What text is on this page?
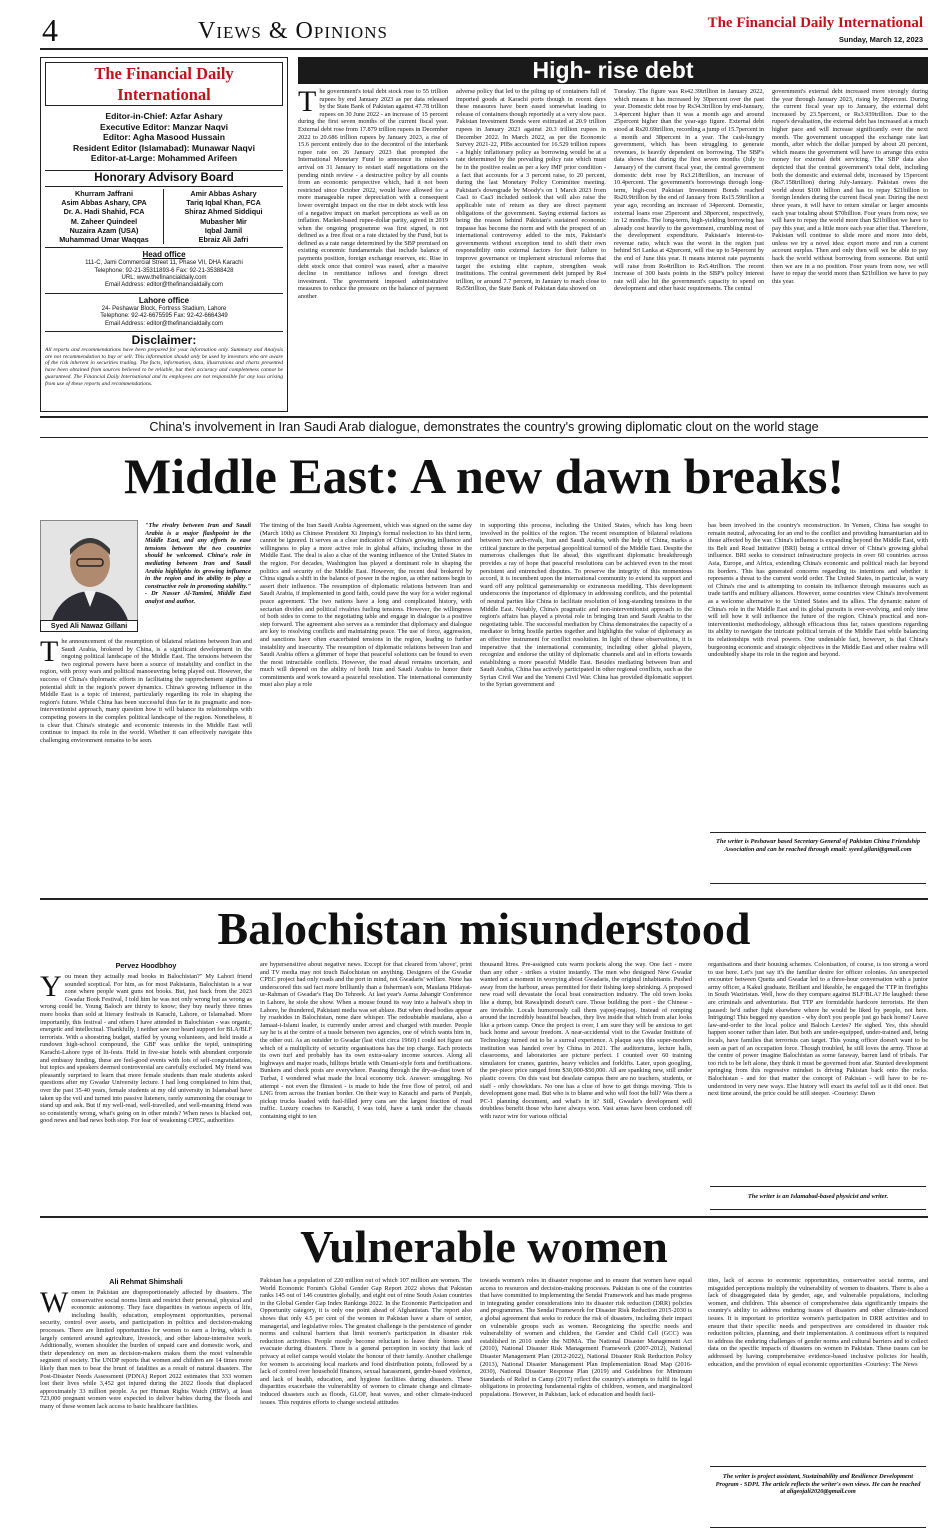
4	Views & Opinions	The Financial Daily International
Sunday, March 12, 2023
The Financial Daily International
Editor-in-Chief: Azfar Ashary
Executive Editor: Manzar Naqvi
Editor: Agha Masood Hussain
Resident Editor (Islamabad): Munawar Naqvi
Editor-at-Large: Mohammed Arifeen
Honorary Advisory Board
Khurram Jaffrani
Asim Abbas Ashary, CPA
Dr. A. Hadi Shahid, FCA
M. Zaheer Quindeel
Nuzaira Azam (USA)
Muhammad Umar Waqqas
Amir Abbas Ashary
Tariq Iqbal Khan, FCA
Shiraz Ahmed Siddiqui
Mubasher Mir
Iqbal Jamil
Ebraiz Ali Jafri
Head office
111-C, Jami Commercial Street 11, Phase VII, DHA Karachi
Telephone: 92-21-35311893-6 Fax: 92-21-35388428
URL: www.thefinancialdaily.com
Email Address: editor@thefinancialdaily.com
Lahore office
24- Peshawar Block, Fortress Stadium, Lahore
Telephone: 92-42-6675595 Fax: 92-42-6664349
Email Address: editor@thefinancialdaily.com
Disclaimer:
All reports and recommendations have been prepared for your information only. Summary and Analysis are not recommendation to buy or sell. This information should only be used by investors who are aware of the risk inherent in securities trading. The facts, information, data, illustrations and charts presented have been obtained from sources believed to be reliable, but their accuracy and completeness cannot be guaranteed. The Financial Daily International and its employees are not responsible for any loss arising from use of these reports and recommendations.
High- rise debt

The government's total debt stock rose to 55 trillion rupees by end January 2023 as per data released by the State Bank of Pakistan against 47.78 trillion rupees on 30 June 2022 - an increase of 15 percent during the first seven months of the current fiscal year. External debt rose from 17.879 trillion rupees in December 2022 to 20.686 trillion rupees by January 2023, a rise of 15.6 percent entirely due to the decontrol of the interbank rupee rate on 26 January 2023 that prompted the International Monetary Fund to announce its mission's arrival on 31 January to restart staff negotiations on the pending ninth review - a destructive policy by all counts from an economic perspective which, had it not been restricted since October 2022, would have allowed for a more manageable rupee depreciation with a consequent lower overnight impact on the rise in debt stock with less of a negative impact on market perceptions as well as on inflation. Market-based rupee-dollar parity, agreed in 2019 when the ongoing programme was first signed, is not defined as a free float or a rate dictated by the Fund, but is defined as a rate range determined by the SBP premised on existing economic fundamentals that include balance of payments position, foreign exchange reserves, etc. Rise in debt stock once that control was eased, after a massive decline in remittance inflows and foreign direct investment. The government imposed administrative measures to reduce the pressure on the balance of payment another

adverse policy that led to the piling up of containers full of imported goods at Karachi ports though in recent days these measures have been eased somewhat leading to release of containers though reportedly at a very slow pace. Pakistan Investment Bonds were estimated at 20.9 trillion rupees in January 2023 against 20.3 trillion rupees in December 2022. In March 2022, as per the Economic Survey 2021-22, PIBs accounted for 16.529 trillion rupees - a highly inflationary policy as borrowing would be at a rate determined by the prevailing policy rate which must be in the positive realm as per a key IMF prior condition - a fact that accounts for a 3 percent raise, to 20 percent, during the last Monetary Policy Committee meeting. Pakistan's downgrade by Moody's on 1 March 2023 from Caa1 to Caa3 included outlook that will also raise the applicable rate of return as they are direct payment obligations of the government. Saying external factors as being the reason behind Pakistan's sustained economic impasse has become the norm and with the prospect of an international controversy added to the mix, Pakistan's governments without exception tend to shift their own responsibility onto external factors for their failure to improve governance or implement structural reforms that target the existing elite capture, strengthen weak institutions. The central government debt jumped by Rs4 trillion, or around 7.7 percent, in January to reach close to Rs55trillion, the State Bank of Pakistan data showed on

Tuesday. The figure was Rs42.39trillion in January 2022, which means it has increased by 30percent over the past year. Domestic debt rose by Rs34.3trillion by end-January, 3.4percent higher than it was a month ago and around 25percent higher than the year-ago figure. External debt stood at Rs20.69trillion, recording a jump of 15.7percent in a month and 38percent in a year. The cash-hungry government, which has been struggling to generate revenues, is heavily dependent on borrowing. The SBP's data shows that during the first seven months (July to January) of the current fiscal year, the central government domestic debt rose by Rs3.218trillion, an increase of 10.4percent. The government's borrowings through long-term, high-cost Pakistan Investment Bonds reached Rs20.9trillion by the end of January from Rs15.59trillion a year ago, recording an increase of 34percent. Domestic, external loans rose 25percent and 38percent, respectively, in 12 months. The long-term, high-yielding borrowing has already cost heavily to the government, crumbling most of the development expenditure. Pakistan's interest-to-revenue ratio, which was the worst in the region just behind Sri Lanka at 42percent, will rise up to 54percent by the end of June this year. It means interest rate payments will raise from Rs4trillion to Rs5.4trillion. The recent increase of 300 basis points in the SBP's policy interest rate will also hit the government's capacity to spend on development and other basic requirements. The central

government's external debt increased more strongly during the year through January 2023, rising by 38percent. During the current fiscal year up to January, the external debt increased by 23.5percent, or Rs3.939trillion. Due to the rupee's devaluation, the external debt has increased at a much higher pace and will increase significantly over the next month. The government uncapped the exchange rate last month, after which the dollar jumped by about 20 percent, which means the government will have to arrange this extra money for external debt servicing. The SBP data also depicted that the central government's total debt, including both the domestic and external debt, increased by 15percent (Rs7.158trillion) during July-January. Pakistan owes the world about $100 billion and has to repay $21billion to foreign lenders during the current fiscal year. During the next three years, it will have to return similar or larger amounts each year totaling about $70billion. Four years from now, we will have to repay the world more than $21billion we have to pay this year, and a little more each year after that. Therefore, Pakistan will continue to slide more and more into debt, unless we try a novel idea: export more and run a current account surplus. Then and only then will we be able to pay back the world without borrowing from someone. But until then we are in a no position. Four years from now, we will have to repay the world more than $21billion we have to pay this year.

China's involvement in Iran Saudi Arab dialogue, demonstrates the country's growing diplomatic clout on the world stage
Middle East: A new dawn breaks!
Syed Ali Nawaz Gillani

"The rivalry between Iran and Saudi Arabia is a major flashpoint in the Middle East, and any efforts to ease tensions between the two countries should be welcomed. China's role in mediating between Iran and Saudi Arabia highlights its growing influence in the region and its ability to play a constructive role in promoting stability." - Dr Nasser Al-Tamimi, Middle East analyst and author.

The announcement of the resumption of bilateral relations between Iran and Saudi Arabia, brokered by China, is a significant development in the ongoing political landscape of the Middle East. The tensions between the two regional powers have been a source of instability and conflict in the region, with proxy wars and political manoeuvring being played out. However, the success of China's diplomatic efforts in facilitating the rapprochement signifies a potential shift in the region's power dynamics. China's growing influence in the Middle East is a topic of interest, particularly regarding its role in shaping the region's future. While China has been successful thus far in its pragmatic and non-interventionist approach, many question how it will balance its relationships with competing powers in the complex political landscape of the region. Nonetheless, it is clear that China's strategic and economic interests in the Middle East will continue to impact its role in the world. Whether it can effectively navigate this challenging environment remains to be seen.

The timing of the Iran Saudi Arabia Agreement, which was signed on the same day (March 10th) as Chinese President Xi Jinping's formal reelection to his third term, cannot be ignored. It serves as a clear indication of China's growing influence and willingness to play a more active role in global affairs, including those in the Middle East. The deal is also a clue of the waning influence of the United States in the region. For decades, Washington has played a dominant role in shaping the politics and security of the Middle East. However, the recent deal brokered by China signals a shift in the balance of power in the region, as other nations begin to assert their influence. The resumption of diplomatic relations between Iran and Saudi Arabia, if implemented in good faith, could pave the way for a wider regional peace agreement. The two nations have a long and complicated history, with sectarian divides and political rivalries fueling tensions. However, the willingness of both sides to come to the negotiating table and engage in dialogue is a positive step forward. The agreement also serves as a reminder that diplomacy and dialogue are key to resolving conflicts and maintaining peace. The use of force, aggression, and sanctions have often exacerbated tensions in the region, leading to further instability and insecurity. The resumption of diplomatic relations between Iran and Saudi Arabia offers a glimmer of hope that peaceful solutions can be found to even the most intractable conflicts. However, the road ahead remains uncertain, and much will depend on the ability of both Iran and Saudi Arabia to honor their commitments and work toward a peaceful resolution. The international community must also play a role

in supporting this process, including the United States, which has long been involved in the politics of the region. The recent resumption of bilateral relations between two arch-rivals, Iran and Saudi Arabia, with the help of China, marks a critical juncture in the perpetual geopolitical turmoil of the Middle East. Despite the numerous challenges that lie ahead, this significant diplomatic breakthrough provides a ray of hope that peaceful resolutions can be achieved even in the most persistent and entrenched disputes. To preserve the integrity of this momentous accord, it is incumbent upon the international community to extend its support and ward off any political gamesmanship or extraneous meddling. This development underscores the importance of diplomacy in addressing conflicts, and the potential of neutral parties like China to facilitate resolution of long-standing tensions in the Middle East. Notably, China's pragmatic and non-interventionist approach to the region's affairs has played a pivotal role in bringing Iran and Saudi Arabia to the negotiating table. The successful mediation by China demonstrates the capacity of a mediator to bring hostile parties together and highlights the value of diplomacy as an effective instrument for conflict resolution. In light of these observations, it is imperative that the international community, including other global players, recognize and endorse the utility of diplomatic channels and aid in efforts towards establishing a more peaceful Middle East. Besides mediating between Iran and Saudi Arabia, China has actively participated in other regional conflicts, such as the Syrian Civil War and the Yemeni Civil War. China has provided diplomatic support to the Syrian government and

has been involved in the country's reconstruction. In Yemen, China has sought to remain neutral, advocating for an end to the conflict and providing humanitarian aid to those affected by the war. China's influence is expanding beyond the Middle East, with its Belt and Road Initiative (BRI) being a critical driver of China's growing global influence. BRI seeks to construct infrastructure projects in over 60 countries across Asia, Europe, and Africa, extending China's economic and political reach far beyond its borders. This has generated concerns regarding its intentions and whether it represents a threat to the current world order. The United States, in particular, is wary of China's rise and is attempting to contain its influence through measures such as trade tariffs and military alliances. However, some countries view China's involvement as a welcome alternative to the United States and its allies. The dynamic nature of China's role in the Middle East and its global pursuits is ever-evolving, and only time will tell how it will influence the future of the region. China's practical and non-interventionist methodology, although efficacious thus far, raises questions regarding its ability to navigate the intricate political terrain of the Middle East while balancing its relationships with rival powers. One undeniable fact, however, is that China's burgeoning economic and strategic objectives in the Middle East and other realms will undoubtedly shape its role in the region and beyond.

The writer is Peshawar based Secretary General of Pakistan China Friendship Association and can be reached through email: syeed.gilani@gmail.com

Balochistan misunderstood
Pervez Hoodbhoy

You mean they actually read books in Balochistan?" My Lahori friend sounded sceptical. For him, as for most Pakistanis, Balochistan is a war zone where people want guns not books. But, just back from the 2023 Gwadar Book Festival, I told him he was not only wrong but as wrong as wrong could be. Young Baloch are thirsty to know; they buy nearly three times more books than sold at literary festivals in Karachi, Lahore, or Islamabad. More importantly, this festival - and others I have attended in Balochistan - was organic, energetic and intellectual. Thankfully, I neither saw nor heard support for BLA/BLF terrorists. With a shoestring budget, staffed by young volunteers, and held inside a rundown high-school compound, the GBF was unlike the tepid, uninspiring Karachi-Lahore type of lit-fests. Held in five-star hotels with abundant corporate and embassy funding, these are feel-good events with lots of self-congratulations, but topics and speakers deemed controversial are carefully excluded. My friend was pleasantly surprised to learn that more female students than male students asked questions after my Gwadar University lecture. I had long complained to him that, over the past 35-40 years, female students at my old university in Islamabad have taken up the veil and turned into passive listeners, rarely summoning the courage to stand up and ask. But if my well-read, well-travelled, and well-meaning friend was so consistently wrong, what's going on in other minds? When news is blacked out, good news and bad news both stop. For fear of weakening CPEC, authorities

are hypersensitive about negative news. Except for that cleared from 'above', print and TV media may not touch Balochistan on anything. Designers of the Gwadar CPEC project had only roads and the port in mind, not Gwadaris' welfare. None has underscored this sad fact more brilliantly than a fisherman's son, Maulana Hidayat-ur-Rahman of Gwadar's Haq Do Tehreek. At last year's Asma Jahangir Conference in Lahore, he stole the show. When a mouse found its way into a halwai's shop in Lahore, he thundered, Pakistani media was set ablaze. But when dead bodies appear by roadsides in Balochistan, none dare whisper. The redoubtable maulana, also a Jamaat-i-Islami leader, is currently under arrest and charged with murder. People say he is at the centre of a tussle between two agencies, one of which wants him in, the other out. As an outsider to Gwadar (last visit circa 1960) I could not figure out which of a multiplicity of security organisations has the top charge. Each protects its own turf and probably has its own extra-salary income sources. Along all highways and major roads, hilltops bristle with Omani-style forts and fortifications. Bunkers and check posts are everywhere. Passing through the dry-as-dust town of Turbat, I wondered what made the local economy tick. Answer: smuggling. No attempt - not even the flimsiest - is made to hide the free flow of petrol, oil and LNG from across the Iranian border. On their way to Karachi and parts of Punjab, pickup trucks loaded with fuel-filled jerry cans are the largest fraction of road traffic. Luxury coaches to Karachi, I was told, have a tank under the chassis containing eight to ten

thousand litres. Pre-assigned cuts warm pockets along the way. One fact - more than any other - strikes a visitor instantly. The men who designed New Gwadar wanted not a moment in worrying about Gwadaris, the original inhabitants. Pushed away from the harbour, areas permitted for their fishing keep shrinking. A proposed new road will devastate the local boat construction industry. The old town looks like a dump, but Rawalpindi doesn't care. Those building the port - the Chinese - are invisible. Locals humorously call them yajooj-majooj. Instead of romping around the incredibly beautiful beaches, they live inside that which from afar looks like a prison camp. Once the project is over, I am sure they will be anxious to get back home and savour freedom. A near-accidental visit to the Gwadar Institute of Technology turned out to be a surreal experience. A plaque says this super-modern institution was handed over by China in 2021. The auditoriums, lecture halls, classrooms, and laboratories are picture perfect. I counted over 60 training simulators for cranes, gantries, heavy vehicles and forklifts. Later, upon googling, the per-piece price ranged from $30,000-$50,000. All are spanking new, still under plastic covers. On this vast but desolate campus there are no teachers, students, or staff - only chowkidars. No one has a clue of how to get things moving. This is development gone mad. But who is to blame and who will foot the bill? Was there a PC-1 planning document, and what's in it? Still, Gwadar's development will doubtless benefit those who have always won. Vast areas have been cordoned off with razor wire for various official

organisations and their housing schemes. Colonisation, of course, is too strong a word to use here. Let's just say it's the familiar desire for officer colonies. An unexpected encounter between Quetta and Gwadar led to a three-hour conversation with a junior army officer, a Kakul graduate. Brilliant and likeable, he engaged the TTP in firefights in South Waziristan. Well, how do they compare against BLF/BLA? He laughed: these are criminals and adventurists. But TTP are formidable hardcore terrorists. He then paused: he'd rather fight elsewhere where he would be liked by people, not here. Intriguing! This begged my question - why don't you people just go back home? Leave law-and-order to the local police and Baloch Levies? He sighed. Yes, this should happen sooner rather than later. But both are under-equipped, under-trained and, being locals, have families that terrorists can target. This young officer doesn't want to be seen as part of an occupation force. Though troubled, he still loves the army. Those at the centre of power imagine Balochistan as some faraway, barren land of tribals. Far too rich to be left alone, they think it must be governed from afar. Stunted development springing from this regressive mindset is driving Pakistan back onto the rocks. Balochistan - and for that matter the concept of Pakistan - will have to be re-understood in very new ways. Else history will exact its awful toll as it did once. But next time around, the price could be still steeper. -Courtesy: Dawn

The writer is an Islamabad-based physicist and writer.

Vulnerable women
Ali Rehmat Shimshali

Women in Pakistan are disproportionately affected by disasters. The conservative social norms limit and restrict their personal, physical and economic autonomy. They face disparities in various aspects of life, including health, education, employment opportunities, personal security, control over assets, and participation in politics and decision-making processes. There are limited opportunities for women to earn a living, which is largely centered around agriculture, livestock, and other labour-intensive work. Additionally, women shoulder the burden of unpaid care and domestic work, and their dependency on men as decision-makers makes them the most vulnerable segment of society. The UNDP reports that women and children are 14 times more likely than men to bear the brunt of fatalities as a result of natural disasters. The Post-Disaster Needs Assessment (PDNA) Report 2022 estimates that 333 women lost their lives while 3,452 got injured during the 2022 floods that displaced approximately 33 million people. As per Human Rights Watch (HRW), at least 723,000 pregnant women were expected to deliver babies during the floods and many of these women lack access to basic healthcare facilities.

Pakistan has a population of 220 million out of which 107 million are women. The World Economic Forum's Global Gender Gap Report 2022 shows that Pakistan ranks 145 out of 146 countries globally, and eight out of nine South Asian countries in the Global Gender Gap Index Rankings 2022. In the Economic Participation and Opportunity category, it is only one point ahead of Afghanistan. The report also shows that only 4.5 per cent of the women in Pakistan have a share of senior, managerial, and legislative roles. The greatest challenge is the persistence of gender norms and cultural barriers that limit women's participation in disaster risk reduction activities. People mostly become reluctant to leave their homes and evacuate during disasters. There is a general perception in society that lack of privacy at relief camps would violate the honour of their family. Another challenge for women is accessing local markets and food distribution points, followed by a lack of control over household finances, sexual harassment, gender-based violence, and lack of health, education, and hygiene facilities during disasters. These disparities exacerbate the vulnerability of women to climate change and climate-induced disasters such as floods, GLOF, heat waves, and other climate-induced issues. This requires efforts to change societal attitudes

towards women's roles in disaster response and to ensure that women have equal access to resources and decision-making processes. Pakistan is one of the countries that have committed to implementing the Sendai Framework and has made progress in integrating gender considerations into its disaster risk reduction (DRR) policies and programmes. The Sendai Framework for Disaster Risk Reduction 2015-2030 is a global agreement that seeks to reduce the risk of disasters, including their impact on vulnerable groups such as women. Recognizing the specific needs and vulnerability of women and children, the Gender and Child Cell (GCC) was established in 2010 under the NDMA. The National Disaster Management Act (2010), National Disaster Risk Management Framework (2007-2012), National Disaster Management Plan (2012-2022), National Disaster Risk Reduction Policy (2013), National Disaster Management Plan Implementation Road Map (2016-2030), National Disaster Response Plan (2019) and Guidelines for Minimum Standards of Relief in Camp (2017) reflect the country's attempts to fulfil its legal obligations in protecting fundamental rights of children, women, and marginalized populations. However, in Pakistan, lack of education and health facil-

ities, lack of access to economic opportunities, conservative social norms, and misguided perceptions multiply the vulnerability of women to disasters. There is also a lack of disaggregated data by gender, age, and vulnerable populations, including women, and children. This absence of comprehensive data significantly impairs the country's ability to address enduring issues of disasters and other climate-induced issues. It is important to prioritize women's participation in DRR activities and to ensure that their specific needs and perspectives are considered in disaster risk reduction policies, planning, and their implementation. A continuous effort is required to address the enduring challenges of gender norms and cultural barriers and to collect data on the specific impacts of disasters on women in Pakistan. These issues can be addressed by having comprehensive evidence-based inclusive policies for health, education, and the provision of equal economic opportunities -Courtesy: The News

The writer is project assistant, Sustainability and Resilience Development Program - SDPI. The article reflects the writer's own views. He can be reached at aligeojali2020@gmail.com
